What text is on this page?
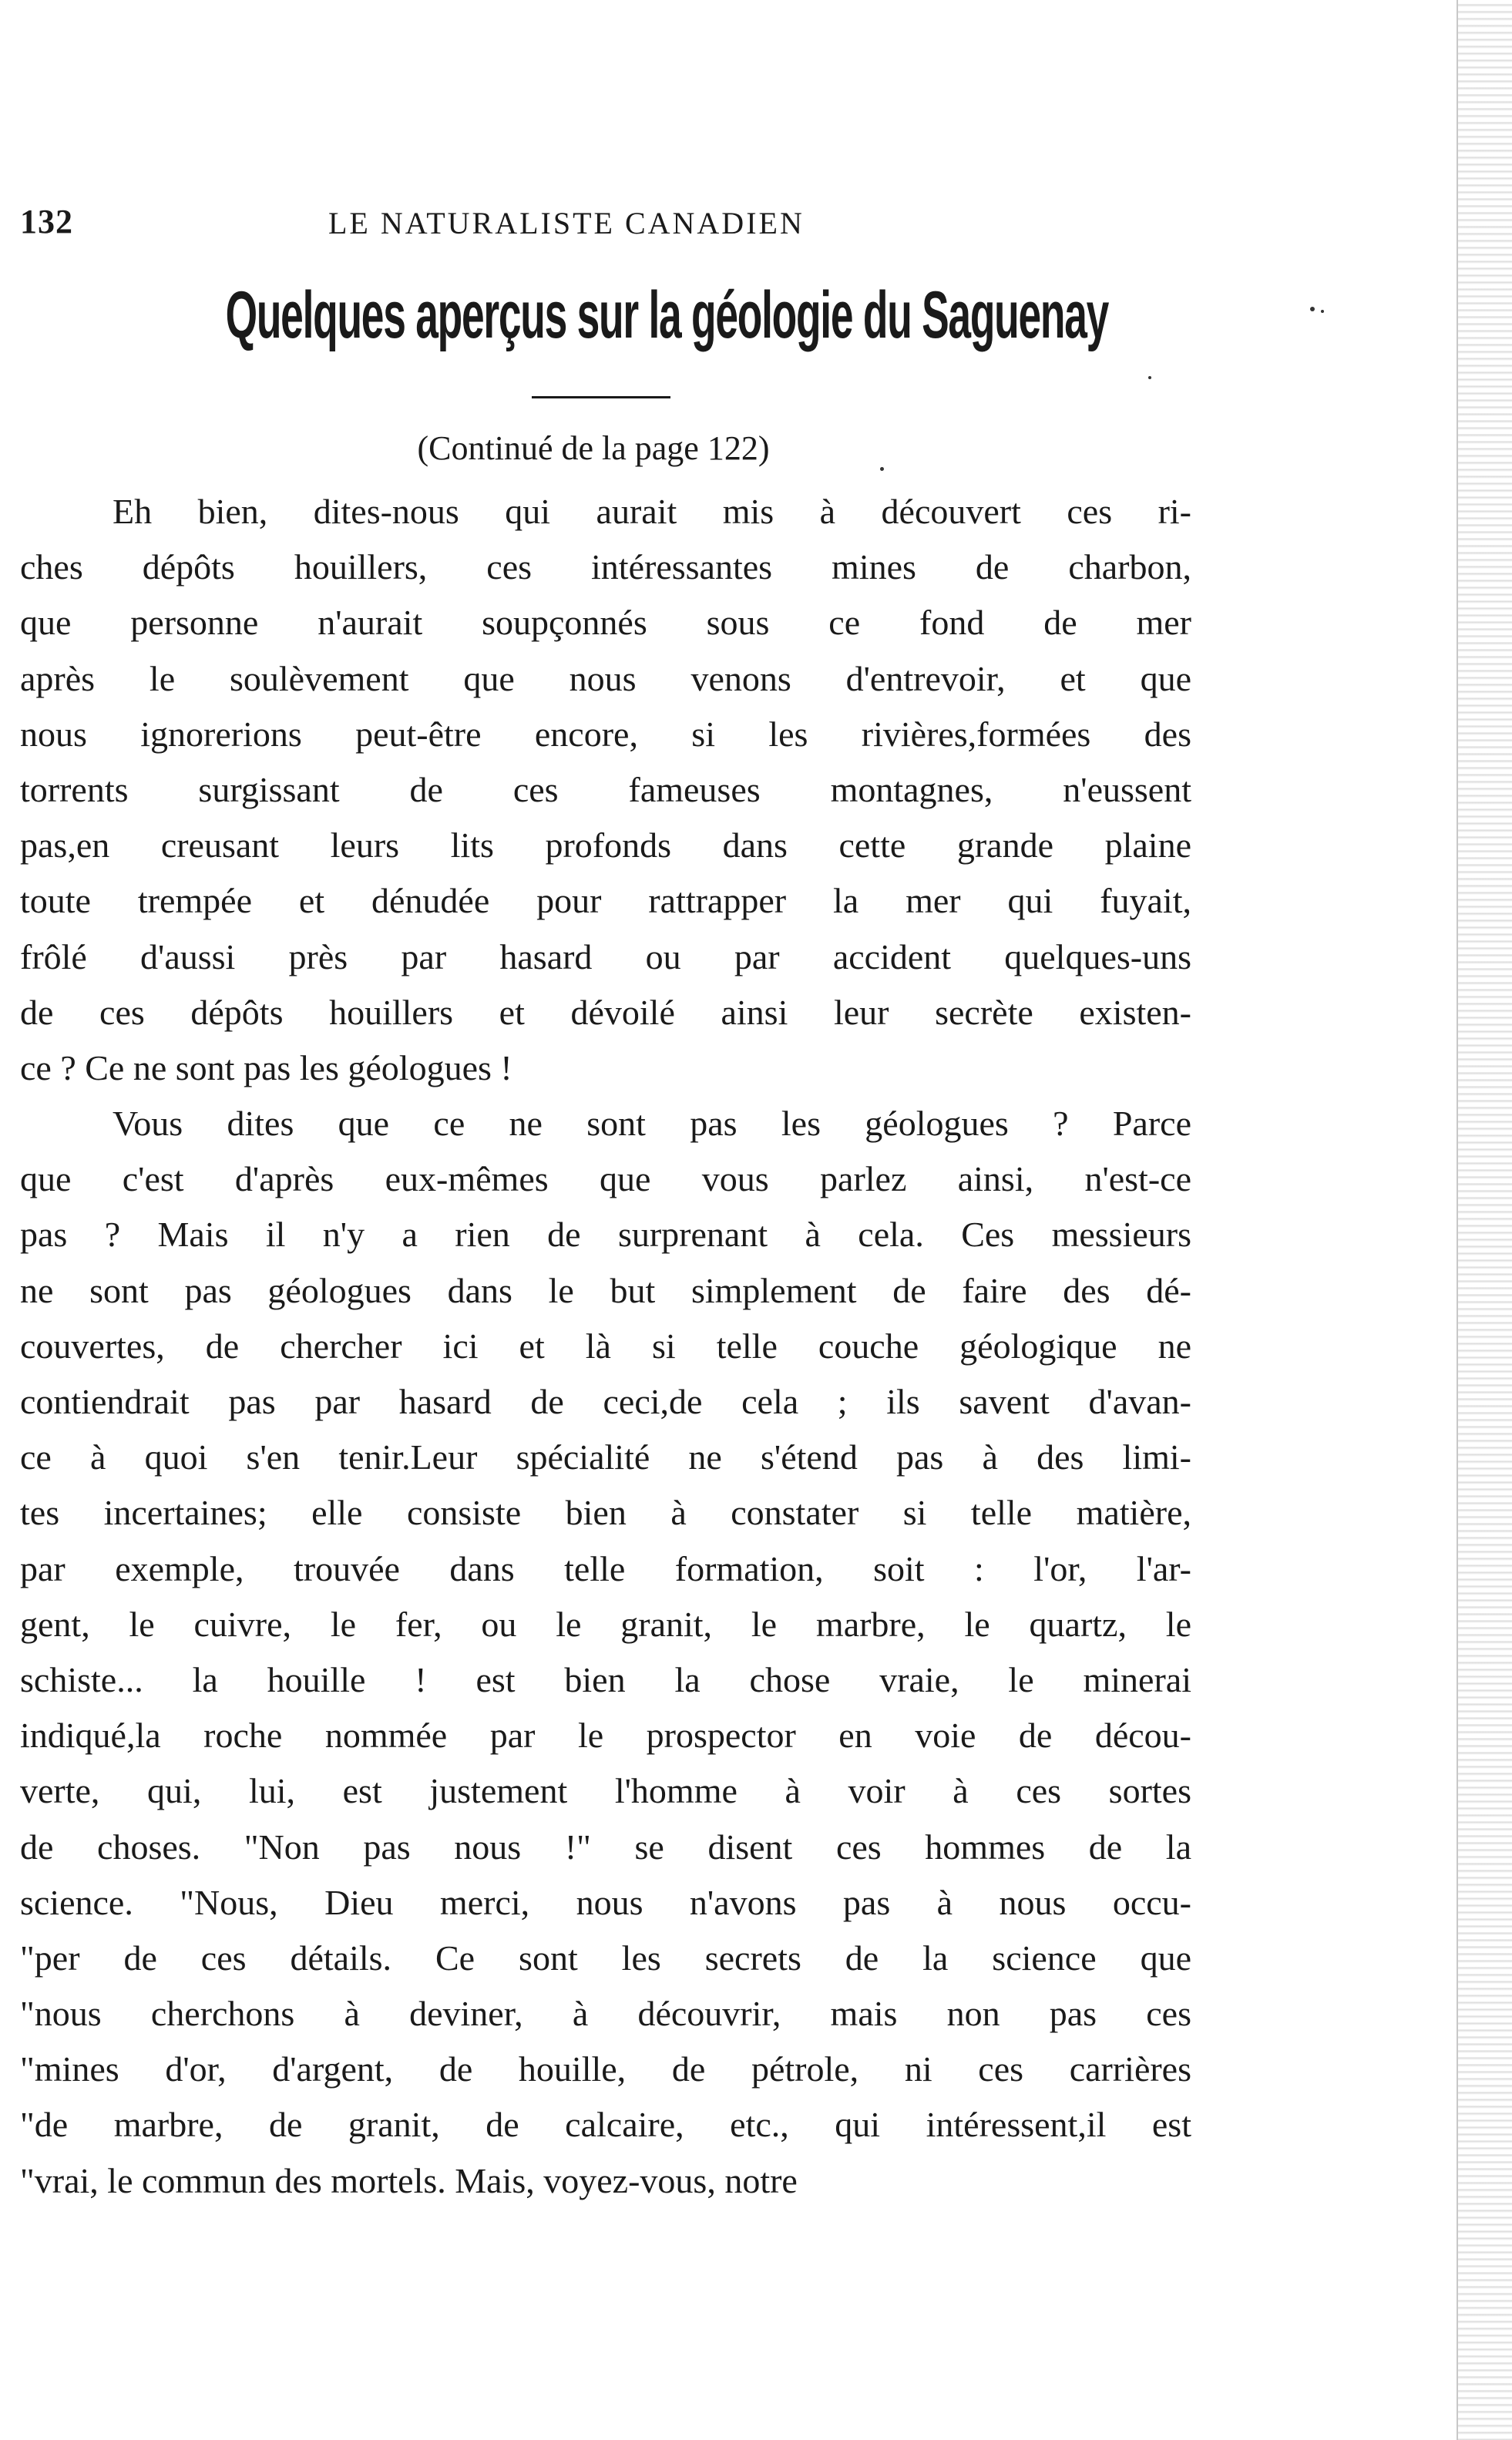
132	LE NATURALISTE CANADIEN
Quelques aperçus sur la géologie du Saguenay
(Continué de la page 122)
Eh bien, dites-nous qui aurait mis à découvert ces ri-
ches dépôts houillers, ces intéressantes mines de charbon,
que personne n'aurait soupçonnés sous ce fond de mer
après le soulèvement que nous venons d'entrevoir, et que
nous ignorerions peut-être encore, si les rivières,formées des
torrents surgissant de ces fameuses montagnes, n'eussent
pas,en creusant leurs lits profonds dans cette grande plaine
toute trempée et dénudée pour rattrapper la mer qui fuyait,
frôlé d'aussi près par hasard ou par accident quelques-uns
de ces dépôts houillers et dévoilé ainsi leur secrète existen-
ce ? Ce ne sont pas les géologues !
Vous dites que ce ne sont pas les géologues ? Parce
que c'est d'après eux-mêmes que vous parlez ainsi, n'est-ce
pas ? Mais il n'y a rien de surprenant à cela. Ces messieurs
ne sont pas géologues dans le but simplement de faire des dé-
couvertes, de chercher ici et là si telle couche géologique ne
contiendrait pas par hasard de ceci,de cela ; ils savent d'avan-
ce à quoi s'en tenir.Leur spécialité ne s'étend pas à des limi-
tes incertaines; elle consiste bien à constater si telle matière,
par exemple, trouvée dans telle formation, soit : l'or, l'ar-
gent, le cuivre, le fer, ou le granit, le marbre, le quartz, le
schiste... la houille ! est bien la chose vraie, le minerai
indiqué,la roche nommée par le prospector en voie de décou-
verte, qui, lui, est justement l'homme à voir à ces sortes
de choses. "Non pas nous !" se disent ces hommes de la
science. "Nous, Dieu merci, nous n'avons pas à nous occu-
"per de ces détails. Ce sont les secrets de la science que
"nous cherchons à deviner, à découvrir, mais non pas ces
"mines d'or, d'argent, de houille, de pétrole, ni ces carrières
"de marbre, de granit, de calcaire, etc., qui intéressent,il est
"vrai, le commun des mortels. Mais, voyez-vous, notre
